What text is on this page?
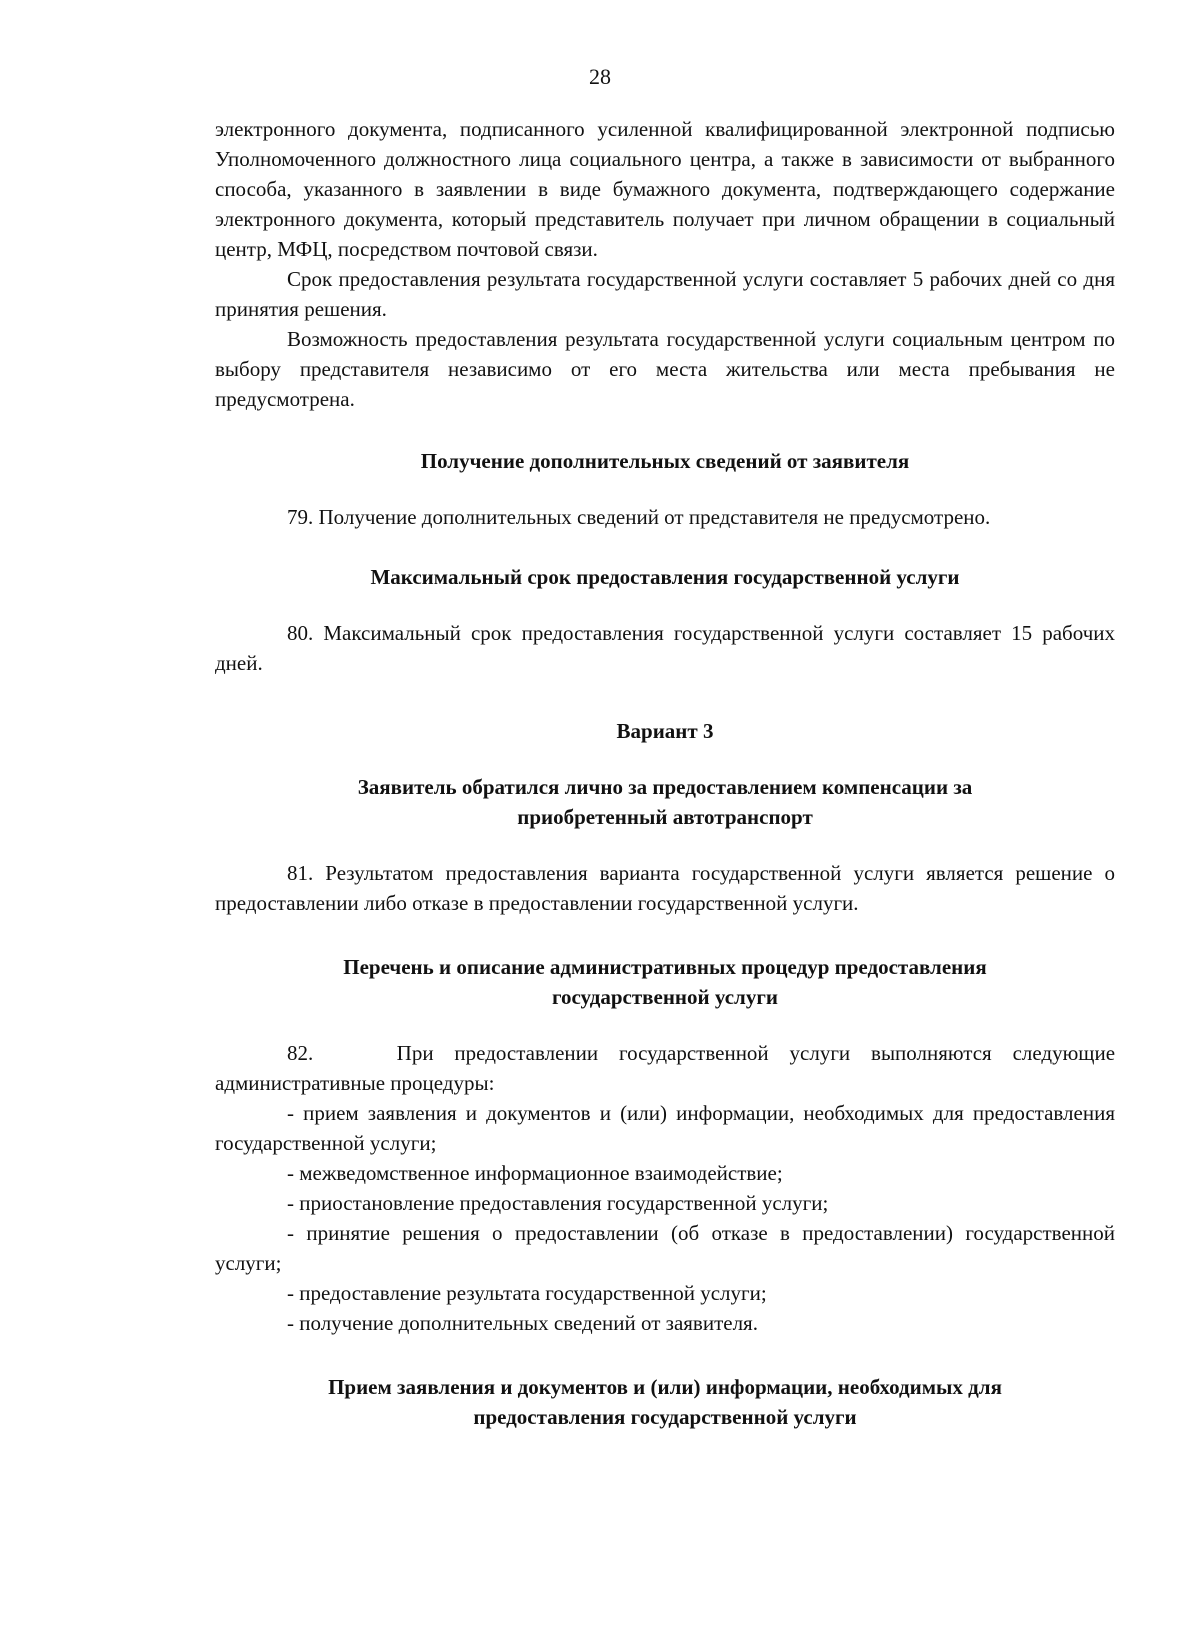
28

электронного документа, подписанного усиленной квалифицированной электронной подписью Уполномоченного должностного лица социального центра, а также в зависимости от выбранного способа, указанного в заявлении в виде бумажного документа, подтверждающего содержание электронного документа, который представитель получает при личном обращении в социальный центр, МФЦ, посредством почтовой связи.

Срок предоставления результата государственной услуги составляет 5 рабочих дней со дня принятия решения.

Возможность предоставления результата государственной услуги социальным центром по выбору представителя независимо от его места жительства или места пребывания не предусмотрена.

Получение дополнительных сведений от заявителя

79. Получение дополнительных сведений от представителя не предусмотрено.

Максимальный срок предоставления государственной услуги

80. Максимальный срок предоставления государственной услуги составляет 15 рабочих дней.

Вариант 3
Заявитель обратился лично за предоставлением компенсации за
приобретенный автотранспорт

81. Результатом предоставления варианта государственной услуги является решение о предоставлении либо отказе в предоставлении государственной услуги.

Перечень и описание административных процедур предоставления
государственной услуги

82.	При предоставлении государственной услуги выполняются следующие административные процедуры:

- прием заявления и документов и (или) информации, необходимых для предоставления государственной услуги;

- межведомственное информационное взаимодействие;

- приостановление предоставления государственной услуги;

- принятие решения о предоставлении (об отказе в предоставлении) государственной услуги;

- предоставление результата государственной услуги;

- получение дополнительных сведений от заявителя.

Прием заявления и документов и (или) информации, необходимых для
предоставления государственной услуги
